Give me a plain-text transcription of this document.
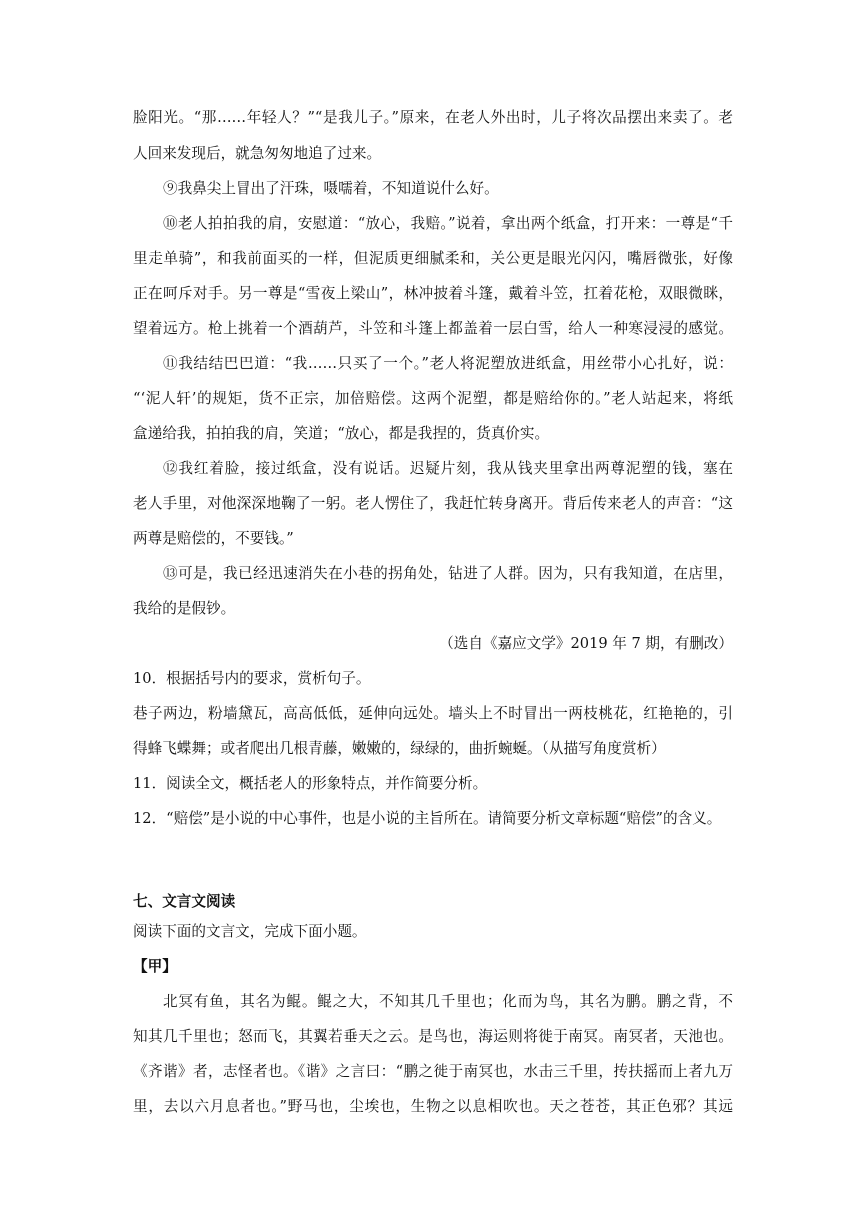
脸阳光。“那……年轻人？”“是我儿子。”原来，在老人外出时，儿子将次品摆出来卖了。老
人回来发现后，就急匆匆地追了过来。
⑨我鼻尖上冒出了汗珠，嗫嚅着，不知道说什么好。
⑩老人拍拍我的肩，安慰道：“放心，我赔。”说着，拿出两个纸盒，打开来：一尊是“千
里走单骑”，和我前面买的一样，但泥质更细腻柔和，关公更是眼光闪闪，嘴唇微张，好像
正在呵斥对手。另一尊是“雪夜上梁山”，林冲披着斗篷，戴着斗笠，扛着花枪，双眼微眯，
望着远方。枪上挑着一个酒葫芦，斗笠和斗篷上都盖着一层白雪，给人一种寒浸浸的感觉。
⑪我结结巴巴道：“我……只买了一个。”老人将泥塑放进纸盒，用丝带小心扎好，说：
“‘泥人轩’的规矩，货不正宗，加倍赔偿。这两个泥塑，都是赔给你的。”老人站起来，将纸
盒递给我，拍拍我的肩，笑道；“放心，都是我捏的，货真价实。
⑫我红着脸，接过纸盒，没有说话。迟疑片刻，我从钱夹里拿出两尊泥塑的钱，塞在
老人手里，对他深深地鞠了一躬。老人愣住了，我赶忙转身离开。背后传来老人的声音：“这
两尊是赔偿的，不要钱。”
⑬可是，我已经迅速消失在小巷的拐角处，钻进了人群。因为，只有我知道，在店里，
我给的是假钞。
（选自《嘉应文学》2019 年 7 期，有删改）
10．根据括号内的要求，赏析句子。
巷子两边，粉墙黛瓦，高高低低，延伸向远处。墙头上不时冒出一两枝桃花，红艳艳的，引
得蜂飞蝶舞；或者爬出几根青藤，嫩嫩的，绿绿的，曲折蜿蜒。（从描写角度赏析）
11．阅读全文，概括老人的形象特点，并作简要分析。
12．“赔偿”是小说的中心事件，也是小说的主旨所在。请简要分析文章标题“赔偿”的含义。
七、文言文阅读
阅读下面的文言文，完成下面小题。
【甲】
北冥有鱼，其名为鲲。鲲之大，不知其几千里也；化而为鸟，其名为鹏。鹏之背，不
知其几千里也；怒而飞，其翼若垂天之云。是鸟也，海运则将徙于南冥。南冥者，天池也。
《齐谐》者，志怪者也。《谐》之言曰：“鹏之徙于南冥也，水击三千里，抟扶摇而上者九万
里，去以六月息者也。”野马也，尘埃也，生物之以息相吹也。天之苍苍，其正色邪？其远
